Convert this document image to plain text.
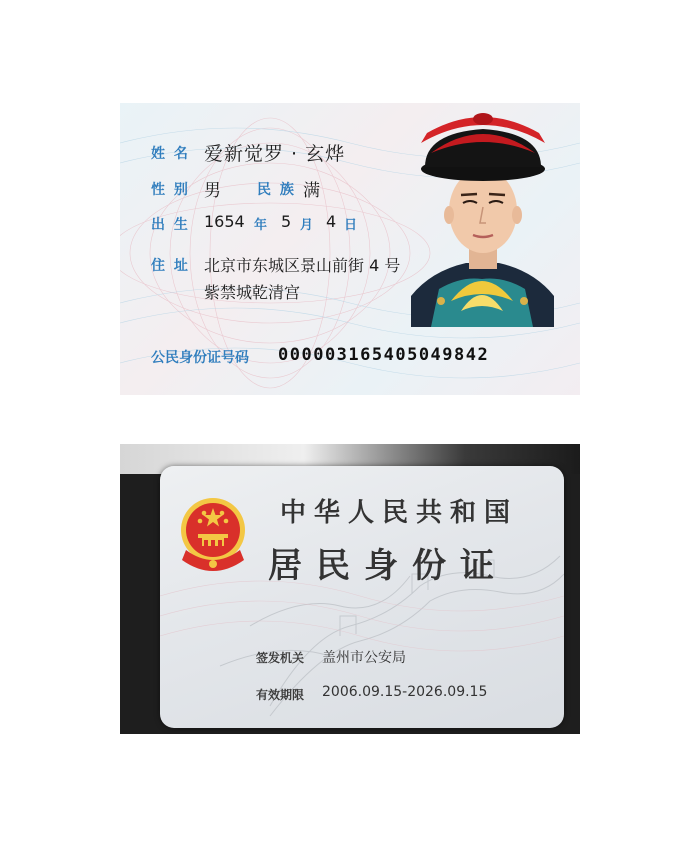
姓 名 爱新觉罗 · 玄烨
性 别 男	民 族 满
出 生 1654 年 5 月 4 日
住 址 北京市东城区景山前街 4 号
紫禁城乾清宫
公民身份证号码 000003165405049842
中华人民共和国
居民身份证
签发机关 盖州市公安局
有效期限 2006.09.15-2026.09.15
